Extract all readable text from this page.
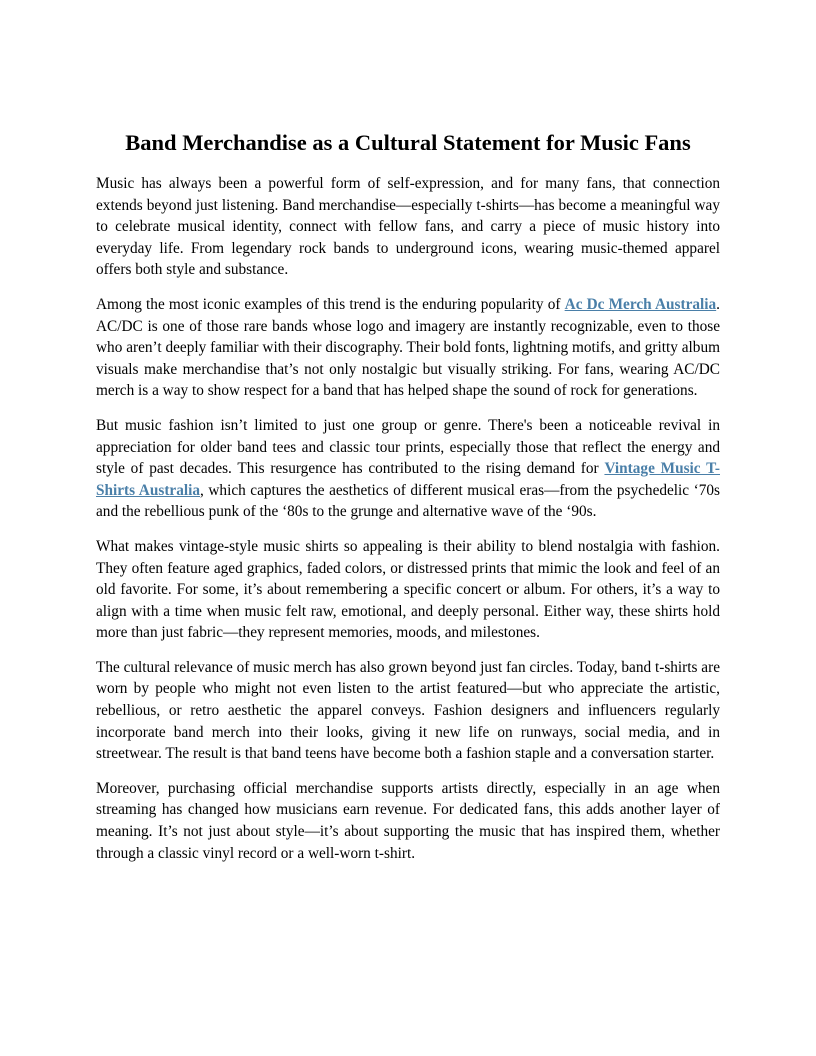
Band Merchandise as a Cultural Statement for Music Fans

Music has always been a powerful form of self-expression, and for many fans, that connection extends beyond just listening. Band merchandise—especially t-shirts—has become a meaningful way to celebrate musical identity, connect with fellow fans, and carry a piece of music history into everyday life. From legendary rock bands to underground icons, wearing music-themed apparel offers both style and substance.

Among the most iconic examples of this trend is the enduring popularity of Ac Dc Merch Australia. AC/DC is one of those rare bands whose logo and imagery are instantly recognizable, even to those who aren’t deeply familiar with their discography. Their bold fonts, lightning motifs, and gritty album visuals make merchandise that’s not only nostalgic but visually striking. For fans, wearing AC/DC merch is a way to show respect for a band that has helped shape the sound of rock for generations.

But music fashion isn’t limited to just one group or genre. There's been a noticeable revival in appreciation for older band tees and classic tour prints, especially those that reflect the energy and style of past decades. This resurgence has contributed to the rising demand for Vintage Music T-Shirts Australia, which captures the aesthetics of different musical eras—from the psychedelic ‘70s and the rebellious punk of the ‘80s to the grunge and alternative wave of the ‘90s.

What makes vintage-style music shirts so appealing is their ability to blend nostalgia with fashion. They often feature aged graphics, faded colors, or distressed prints that mimic the look and feel of an old favorite. For some, it’s about remembering a specific concert or album. For others, it’s a way to align with a time when music felt raw, emotional, and deeply personal. Either way, these shirts hold more than just fabric—they represent memories, moods, and milestones.

The cultural relevance of music merch has also grown beyond just fan circles. Today, band t-shirts are worn by people who might not even listen to the artist featured—but who appreciate the artistic, rebellious, or retro aesthetic the apparel conveys. Fashion designers and influencers regularly incorporate band merch into their looks, giving it new life on runways, social media, and in streetwear. The result is that band teens have become both a fashion staple and a conversation starter.

Moreover, purchasing official merchandise supports artists directly, especially in an age when streaming has changed how musicians earn revenue. For dedicated fans, this adds another layer of meaning. It’s not just about style—it’s about supporting the music that has inspired them, whether through a classic vinyl record or a well-worn t-shirt.
